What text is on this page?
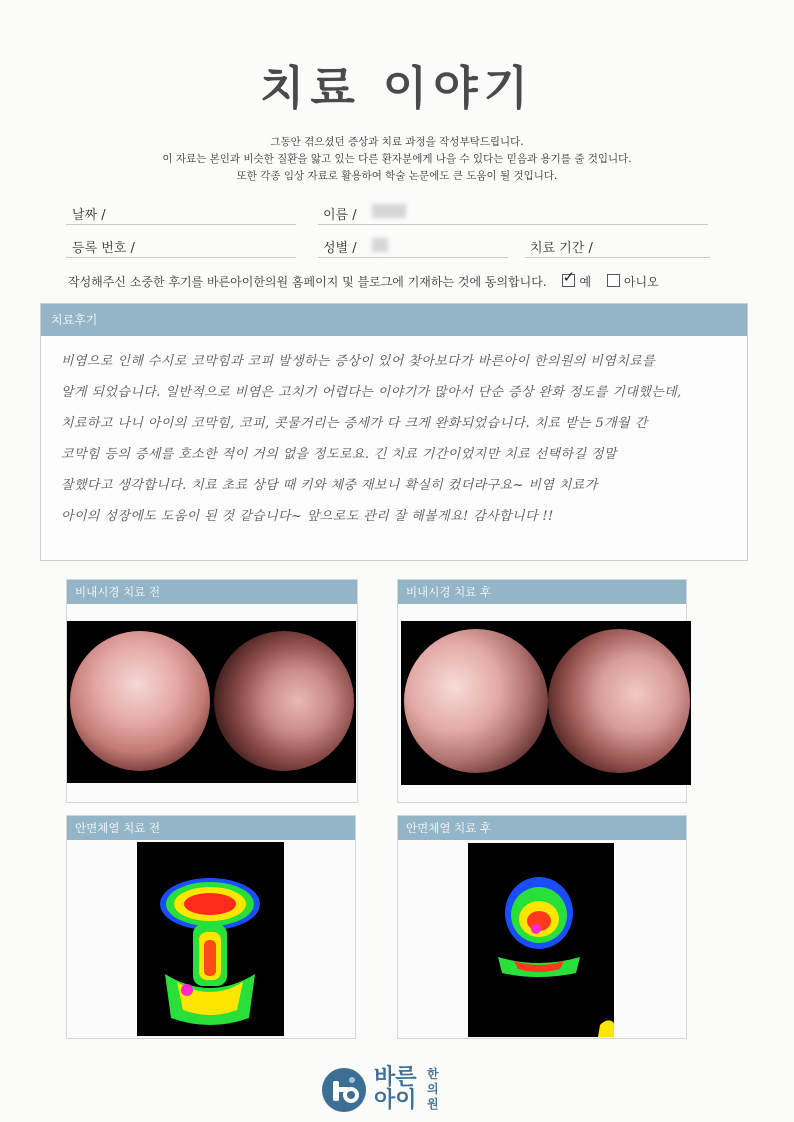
치료 이야기
그동안 겪으셨던 증상과 치료 과정을 작성부탁드립니다.
이 자료는 본인과 비슷한 질환을 앓고 있는 다른 환자분에게 나을 수 있다는 믿음과 용기를 줄 것입니다.
또한 각종 임상 자료로 활용하여 학술 논문에도 큰 도움이 될 것입니다.
날짜 /	이름 /
등록 번호 /	성별 /	치료 기간 /
작성해주신 소중한 후기를 바른아이한의원 홈페이지 및 블로그에 기재하는 것에 동의합니다. ✓ 예	아니오
치료후기
비염으로 인해 수시로 코막힘과 코피 발생하는 증상이 있어 찾아보다가 바른아이 한의원의 비염치료를
알게 되었습니다. 일반적으로 비염은 고치기 어렵다는 이야기가 많아서 단순 증상 완화 정도를 기대했는데,
치료하고 나니 아이의 코막힘, 코피, 콧물거리는 증세가 다 크게 완화되었습니다. 치료 받는 5개월 간
코막힘 등의 증세를 호소한 적이 거의 없을 정도로요. 긴 치료 기간이었지만 치료 선택하길 정말
잘했다고 생각합니다. 치료 초료 상담 때 키와 체중 재보니 확실히 컸더라구요~ 비염 치료가
아이의 성장에도 도움이 된 것 같습니다~ 앞으로도 관리 잘 해볼게요! 감사합니다 !!
비내시경 치료 전	비내시경 치료 후
안면체열 치료 전	안면체열 치료 후
바른
아이
한의원
